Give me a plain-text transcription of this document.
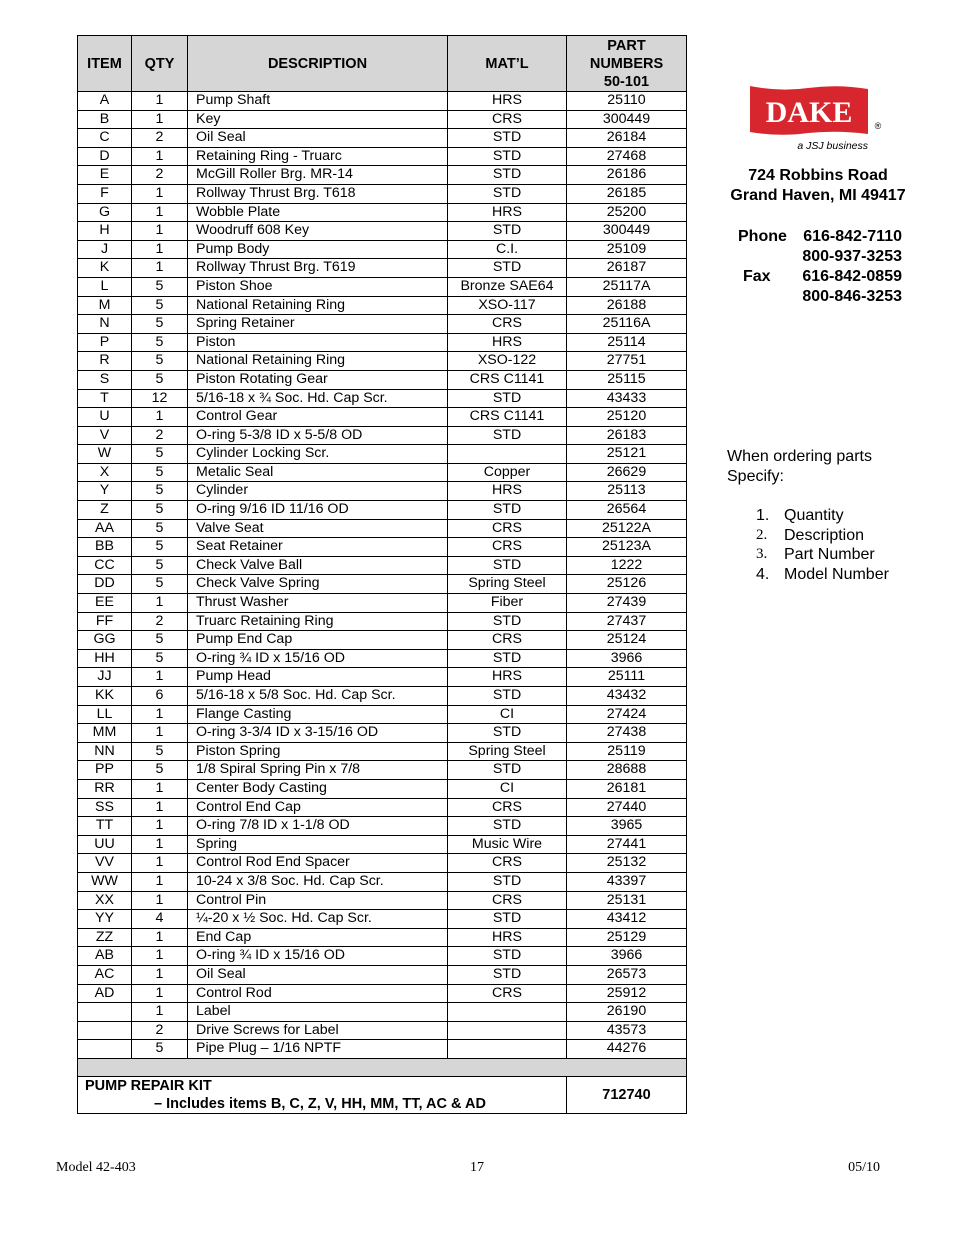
ITEM	QTY	DESCRIPTION	MAT’L	PART
NUMBERS
50-101

A	1	Pump Shaft	HRS	25110
B	1	Key	CRS	300449
C	2	Oil Seal	STD	26184
D	1	Retaining Ring - Truarc	STD	27468
E	2	McGill Roller Brg. MR-14	STD	26186
F	1	Rollway Thrust Brg. T618	STD	26185
G	1	Wobble Plate	HRS	25200
H	1	Woodruff 608 Key	STD	300449
J	1	Pump Body	C.I.	25109
K	1	Rollway Thrust Brg. T619	STD	26187
L	5	Piston Shoe	Bronze SAE64	25117A
M	5	National Retaining Ring	XSO-117	26188
N	5	Spring Retainer	CRS	25116A
P	5	Piston	HRS	25114
R	5	National Retaining Ring	XSO-122	27751
S	5	Piston Rotating Gear	CRS C1141	25115
T	12	5/16-18 x ¾ Soc. Hd. Cap Scr.	STD	43433
U	1	Control Gear	CRS C1141	25120
V	2	O-ring 5-3/8 ID x 5-5/8 OD	STD	26183
W	5	Cylinder Locking Scr.		25121
X	5	Metalic Seal	Copper	26629
Y	5	Cylinder	HRS	25113
Z	5	O-ring 9/16 ID 11/16 OD	STD	26564
AA	5	Valve Seat	CRS	25122A
BB	5	Seat Retainer	CRS	25123A
CC	5	Check Valve Ball	STD	1222
DD	5	Check Valve Spring	Spring Steel	25126
EE	1	Thrust Washer	Fiber	27439
FF	2	Truarc Retaining Ring	STD	27437
GG	5	Pump End Cap	CRS	25124
HH	5	O-ring ¾ ID x 15/16 OD	STD	3966
JJ	1	Pump Head	HRS	25111
KK	6	5/16-18 x 5/8 Soc. Hd. Cap Scr.	STD	43432
LL	1	Flange Casting	CI	27424
MM	1	O-ring 3-3/4 ID x 3-15/16 OD	STD	27438
NN	5	Piston Spring	Spring Steel	25119
PP	5	1/8 Spiral Spring Pin x 7/8	STD	28688
RR	1	Center Body Casting	CI	26181
SS	1	Control End Cap	CRS	27440
TT	1	O-ring 7/8 ID x 1-1/8 OD	STD	3965
UU	1	Spring	Music Wire	27441
VV	1	Control Rod End Spacer	CRS	25132
WW	1	10-24 x 3/8 Soc. Hd. Cap Scr.	STD	43397
XX	1	Control Pin	CRS	25131
YY	4	¼-20 x ½ Soc. Hd. Cap Scr.	STD	43412
ZZ	1	End Cap	HRS	25129
AB	1	O-ring ¾ ID x 15/16 OD	STD	3966
AC	1	Oil Seal	STD	26573
AD	1	Control Rod	CRS	25912
	1	Label		26190
	2	Drive Screws for Label		43573
	5	Pipe Plug – 1/16 NPTF		44276

PUMP REPAIR KIT
– Includes items B, C, Z, V, HH, MM, TT, AC & AD				712740
DAKE ®
a JSJ business
724 Robbins Road
Grand Haven, MI 49417
Phone 616-842-7110
800-937-3253
Fax 616-842-0859
800-846-3253
When ordering parts
Specify:
1. Quantity
2. Description
3. Part Number
4. Model Number
Model 42-403	17	05/10
